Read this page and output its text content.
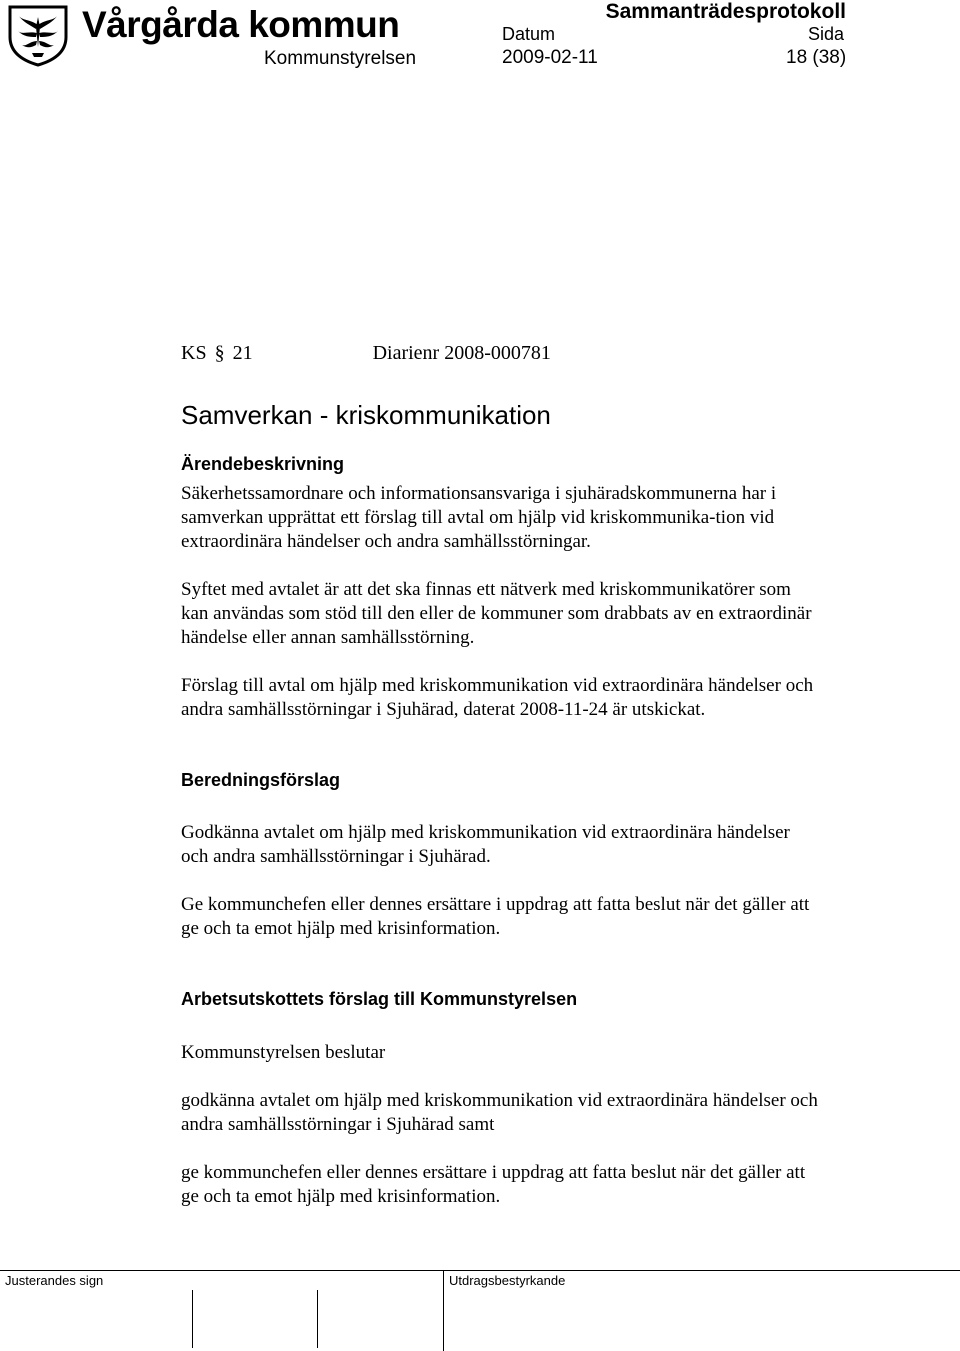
Vårgårda kommun
Kommunstyrelsen
Sammanträdesprotokoll
Datum	Sida
2009-02-11	18 (38)
KS § 21	Diarienr 2008-000781
Samverkan - kriskommunikation
Ärendebeskrivning
Säkerhetssamordnare och informationsansvariga i sjuhäradskommunerna har i samverkan upprättat ett förslag till avtal om hjälp vid kriskommunika-tion vid extraordinära händelser och andra samhällsstörningar.
Syftet med avtalet är att det ska finnas ett nätverk med kriskommunikatörer som kan användas som stöd till den eller de kommuner som drabbats av en extraordinär händelse eller annan samhällsstörning.
Förslag till avtal om hjälp med kriskommunikation vid extraordinära händelser och andra samhällsstörningar i Sjuhärad, daterat 2008-11-24 är utskickat.
Beredningsförslag
Godkänna avtalet om hjälp med kriskommunikation vid extraordinära händelser och andra samhällsstörningar i Sjuhärad.
Ge kommunchefen eller dennes ersättare i uppdrag att fatta beslut när det gäller att ge och ta emot hjälp med krisinformation.
Arbetsutskottets förslag till Kommunstyrelsen
Kommunstyrelsen beslutar
godkänna avtalet om hjälp med kriskommunikation vid extraordinära händelser och andra samhällsstörningar i Sjuhärad samt
ge kommunchefen eller dennes ersättare i uppdrag att fatta beslut när det gäller att ge och ta emot hjälp med krisinformation.
Justerandes sign	Utdragsbestyrkande
